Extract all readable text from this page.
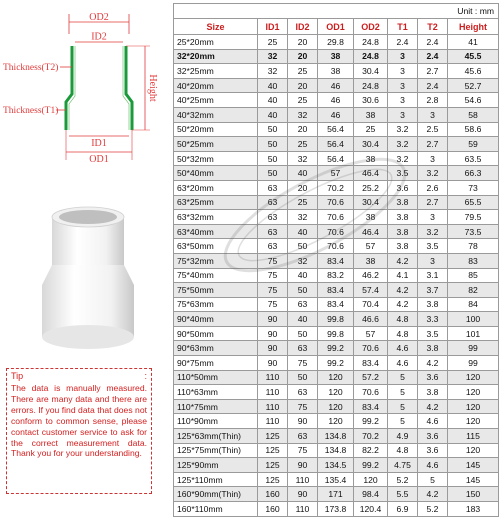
OD2
ID2
Height
Thickness(T2)
Thickness(T1)
ID1
OD1
Tip	:
The data is manually measured. There are many data and there are errors. If you find data that does not conform to common sense, please contact customer service to ask for the correct measurement data. Thank you for your understanding.
Unit : mm							
Size	ID1	ID2	OD1	OD2	T1	T2	Height
25*20mm	25	20	29.8	24.8	2.4	2.4	41
32*20mm	32	20	38	24.8	3	2.4	45.5
32*25mm	32	25	38	30.4	3	2.7	45.6
40*20mm	40	20	46	24.8	3	2.4	52.7
40*25mm	40	25	46	30.6	3	2.8	54.6
40*32mm	40	32	46	38	3	3	58
50*20mm	50	20	56.4	25	3.2	2.5	58.6
50*25mm	50	25	56.4	30.4	3.2	2.7	59
50*32mm	50	32	56.4	38	3.2	3	63.5
50*40mm	50	40	57	46.4	3.5	3.2	66.3
63*20mm	63	20	70.2	25.2	3.6	2.6	73
63*25mm	63	25	70.6	30.4	3.8	2.7	65.5
63*32mm	63	32	70.6	38	3.8	3	79.5
63*40mm	63	40	70.6	46.4	3.8	3.2	73.5
63*50mm	63	50	70.6	57	3.8	3.5	78
75*32mm	75	32	83.4	38	4.2	3	83
75*40mm	75	40	83.2	46.2	4.1	3.1	85
75*50mm	75	50	83.4	57.4	4.2	3.7	82
75*63mm	75	63	83.4	70.4	4.2	3.8	84
90*40mm	90	40	99.8	46.6	4.8	3.3	100
90*50mm	90	50	99.8	57	4.8	3.5	101
90*63mm	90	63	99.2	70.6	4.6	3.8	99
90*75mm	90	75	99.2	83.4	4.6	4.2	99
110*50mm	110	50	120	57.2	5	3.6	120
110*63mm	110	63	120	70.6	5	3.8	120
110*75mm	110	75	120	83.4	5	4.2	120
110*90mm	110	90	120	99.2	5	4.6	120
125*63mm(Thin)	125	63	134.8	70.2	4.9	3.6	115
125*75mm(Thin)	125	75	134.8	82.2	4.8	3.6	120
125*90mm	125	90	134.5	99.2	4.75	4.6	145
125*110mm	125	110	135.4	120	5.2	5	145
160*90mm(Thin)	160	90	171	98.4	5.5	4.2	150
160*110mm	160	110	173.8	120.4	6.9	5.2	183
